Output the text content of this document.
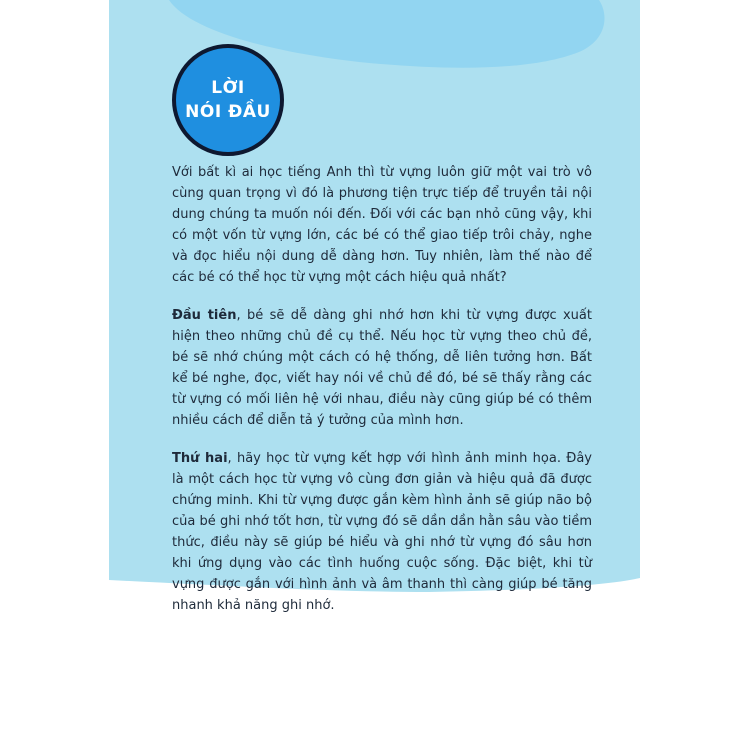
LỜI
NÓI ĐẦU

Với bất kì ai học tiếng Anh thì từ vựng luôn giữ một vai trò vô cùng quan trọng vì đó là phương tiện trực tiếp để truyền tải nội dung chúng ta muốn nói đến. Đối với các bạn nhỏ cũng vậy, khi có một vốn từ vựng lớn, các bé có thể giao tiếp trôi chảy, nghe và đọc hiểu nội dung dễ dàng hơn. Tuy nhiên, làm thế nào để các bé có thể học từ vựng một cách hiệu quả nhất?

Đầu tiên, bé sẽ dễ dàng ghi nhớ hơn khi từ vựng được xuất hiện theo những chủ đề cụ thể. Nếu học từ vựng theo chủ đề, bé sẽ nhớ chúng một cách có hệ thống, dễ liên tưởng hơn. Bất kể bé nghe, đọc, viết hay nói về chủ đề đó, bé sẽ thấy rằng các từ vựng có mối liên hệ với nhau, điều này cũng giúp bé có thêm nhiều cách để diễn tả ý tưởng của mình hơn.

Thứ hai, hãy học từ vựng kết hợp với hình ảnh minh họa. Đây là một cách học từ vựng vô cùng đơn giản và hiệu quả đã được chứng minh. Khi từ vựng được gắn kèm hình ảnh sẽ giúp não bộ của bé ghi nhớ tốt hơn, từ vựng đó sẽ dần dần hằn sâu vào tiềm thức, điều này sẽ giúp bé hiểu và ghi nhớ từ vựng đó sâu hơn khi ứng dụng vào các tình huống cuộc sống. Đặc biệt, khi từ vựng được gắn với hình ảnh và âm thanh thì càng giúp bé tăng nhanh khả năng ghi nhớ.
